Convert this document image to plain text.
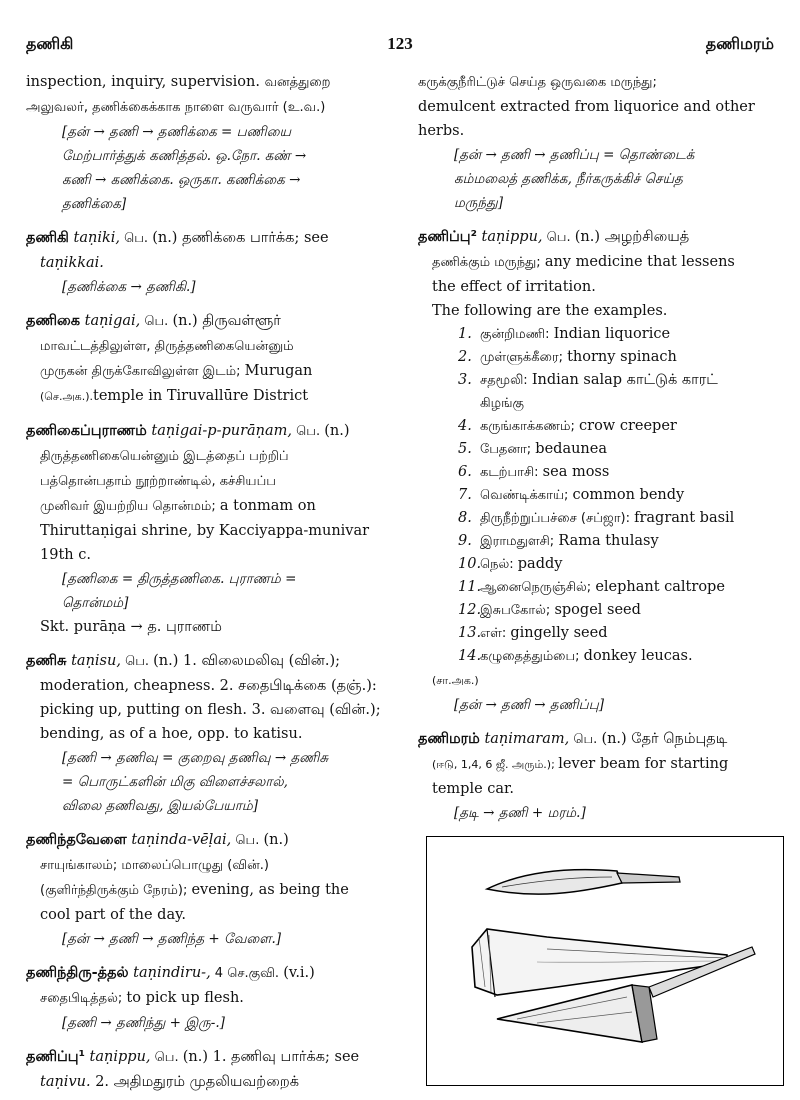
தணிகி	123	தணிமரம்
inspection, inquiry, supervision. வனத்துறை
அலுவலர், தணிக்கைக்காக நாளை வருவார் (உ.வ.)
[தன் → தணி → தணிக்கை = பணியை
மேற்பார்த்துக் கணித்தல். ஒ.நோ. கண் →
கணி → கணிக்கை. ஒருகா. கணிக்கை →
தணிக்கை]
தணிகி taṇiki, பெ. (n.) தணிக்கை பார்க்க; see
taṇikkai.
[தணிக்கை → தணிகி.]
தணிகை taṇigai, பெ. (n.) திருவள்ளூர்
மாவட்டத்திலுள்ள, திருத்தணிகையென்னும்
முருகன் திருக்கோவிலுள்ள இடம்; Murugan
(செ.அக.).temple in Tiruvallūre District
தணிகைப்புராணம் taṇigai-p-purāṇam, பெ. (n.)
திருத்தணிகையென்னும் இடத்தைப் பற்றிப்
பத்தொன்பதாம் நூற்றாண்டில், கச்சியப்ப
முனிவர் இயற்றிய தொன்மம்; a tonmam on
Thiruttaṇigai shrine, by Kacciyappa-munivar
19th c.
[தணிகை = திருத்தணிகை. புராணம் =
தொன்மம்]
Skt. purāṇa → த. புராணம்
தணிசு taṇisu, பெ. (n.) 1. விலைமலிவு (வின்.);
moderation, cheapness. 2. சதைபிடிக்கை (தஞ்.):
picking up, putting on flesh. 3. வளைவு (வின்.);
bending, as of a hoe, opp. to katisu.
[தணி → தணிவு = குறைவு தணிவு → தணிசு
= பொருட்களின் மிகு விளைச்சலால்,
விலை தணிவது, இயல்பேயாம்]
தணிந்தவேளை taṇinda-vēḷai, பெ. (n.)
சாயுங்காலம்; மாலைப்பொழுது (வின்.)
(குளிர்ந்திருக்கும் நேரம்); evening, as being the
cool part of the day.
[தன் → தணி → தணிந்த + வேளை.]
தணிந்திரு-த்தல் taṇindiru-, 4 செ.குவி. (v.i.)
சதைபிடித்தல்; to pick up flesh.
[தணி → தணிந்து + இரு-.]
தணிப்பு¹ taṇippu, பெ. (n.) 1. தணிவு பார்க்க; see
taṇivu. 2. அதிமதுரம் முதலியவற்றைக்
கருக்குநீரிட்டுச் செய்த ஒருவகை மருந்து;
demulcent extracted from liquorice and other
herbs.
[தன் → தணி → தணிப்பு = தொண்டைக்
கம்மலைத் தணிக்க, நீர்கருக்கிச் செய்த
மருந்து]
தணிப்பு² taṇippu, பெ. (n.) அழற்சியைத்
தணிக்கும் மருந்து; any medicine that lessens
the effect of irritation.
The following are the examples.
1. குன்றிமணி: Indian liquorice
2. முள்ளுக்கீரை; thorny spinach
3. சதமூலி: Indian salap காட்டுக் காரட்
கிழங்கு
4. கருங்காக்கணம்; crow creeper
5. பேதனா; bedaunea
6. கடற்பாசி: sea moss
7. வெண்டிக்காய்; common bendy
8. திருநீற்றுப்பச்சை (சப்ஜா): fragrant basil
9. இராமதுளசி; Rama thulasy
10.நெல்: paddy
11.ஆனைநெருஞ்சில்; elephant caltrope
12.இசுபகோல்; spogel seed
13.எள்: gingelly seed
14.கழுதைத்தும்பை; donkey leucas.
(சா.அக.)
[தன் → தணி → தணிப்பு]
தணிமரம் taṇimaram, பெ. (n.) தேர் நெம்புதடி
(ஈடு, 1,4, 6 ஜீ. அரும்.); lever beam for starting
temple car.
[தடி → தணி + மரம்.]
